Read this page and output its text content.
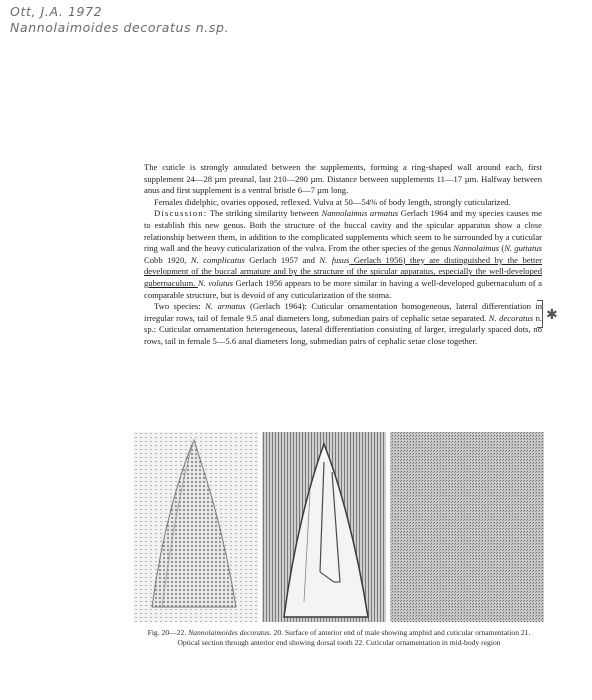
Ott, J.A. 1972
Nannolaimoides decoratus n.sp.

The cuticle is strongly annulated between the supplements, forming a ring-shaped wall around each, first supplement 24—28 µm preanal, last 210—290 µm. Distance between supplements 11—17 µm. Halfway between anus and first supplement is a ventral bristle 6—7 µm long.

Females didelphic, ovaries opposed, reflexed. Vulva at 50—54% of body length, strongly cuticularized.

Discussion: The striking similarity between Nannolaimus armatus Gerlach 1964 and my species causes me to establish this new genus. Both the structure of the buccal cavity and the spicular apparatus show a close relationship between them, in addition to the complicated supplements which seem to be surrounded by a cuticular ring wall and the heavy cuticularization of the vulva. From the other species of the genus Nannolaimus (N. guttatus Cobb 1920, N. complicatus Gerlach 1957 and N. fusus Gerlach 1956) they are distinguished by the better development of the buccal armature and by the structure of the spicular apparatus, especially the well-developed gubernaculum. N. volutus Gerlach 1956 appears to be more similar in having a well-developed gubernaculum of a comparable structure, but is devoid of any cuticularization of the stoma.

Two species: N. armatus (Gerlach 1964): Cuticular ornamentation homogeneous, lateral differentiation in irregular rows, tail of female 9.5 anal diameters long, submedian pairs of cephalic setae separated. N. decoratus n. sp.: Cuticular ornamentation heterogeneous, lateral differentiation consisting of larger, irregularly spaced dots, no rows, tail in female 5—5.6 anal diameters long, submedian pairs of cephalic setae close together.

✱
Fig. 20—22. Nannolaimoides decoratus. 20. Surface of anterior end of male showing amphid and cuticular ornamentation 21. Optical section through anterior end showing dorsal tooth 22. Cuticular ornamentation in mid-body region
